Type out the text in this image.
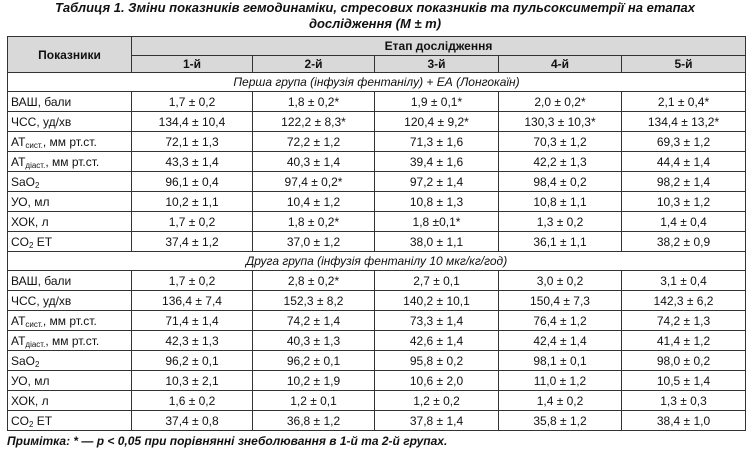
Таблиця 1. Зміни показників гемодинаміки, стресових показників та пульсоксиметрії на етапах
дослідження (M ± m)
Показники	Етап дослідження				
	1-й	2-й	3-й	4-й	5-й
Перша група (інфузія фентанілу) + ЕА (Лонгокаїн)					
ВАШ, бали	1,7 ± 0,2	1,8 ± 0,2*	1,9 ± 0,1*	2,0 ± 0,2*	2,1 ± 0,4*
ЧСС, уд/хв	134,4 ± 10,4	122,2 ± 8,3*	120,4 ± 9,2*	130,3 ± 10,3*	134,4 ± 13,2*
$АТ_{сист.}$, мм рт.ст.	72,1 ± 1,3	72,2 ± 1,2	71,3 ± 1,6	70,3 ± 1,2	69,3 ± 1,2
$АТ_{діаст.}$, мм рт.ст.	43,3 ± 1,4	40,3 ± 1,4	39,4 ± 1,6	42,2 ± 1,3	44,4 ± 1,4
SaO$_2$	96,1 ± 0,4	97,4 ± 0,2*	97,2 ± 1,4	98,4 ± 0,2	98,2 ± 1,4
УО, мл	10,2 ± 1,1	10,4 ± 1,2	10,8 ± 1,3	10,8 ± 1,1	10,3 ± 1,2
ХОК, л	1,7 ± 0,2	1,8 ± 0,2*	1,8 ±0,1*	1,3 ± 0,2	1,4 ± 0,4
$CO_2$ ET	37,4 ± 1,2	37,0 ± 1,2	38,0 ± 1,1	36,1 ± 1,1	38,2 ± 0,9
Друга група (інфузія фентанілу 10 мкг/кг/год)					
ВАШ, бали	1,7 ± 0,2	2,8 ± 0,2*	2,7 ± 0,1	3,0 ± 0,2	3,1 ± 0,4
ЧСС, уд/хв	136,4 ± 7,4	152,3 ± 8,2	140,2 ± 10,1	150,4 ± 7,3	142,3 ± 6,2
$АТ_{сист.}$, мм рт.ст.	71,4 ± 1,4	74,2 ± 1,4	73,3 ± 1,4	76,4 ± 1,2	74,2 ± 1,3
$АТ_{діаст.}$, мм рт.ст.	42,3 ± 1,3	40,3 ± 1,3	42,6 ± 1,4	42,4 ± 1,4	41,4 ± 1,2
SaO$_2$	96,2 ± 0,1	96,2 ± 0,1	95,8 ± 0,2	98,1 ± 0,1	98,0 ± 0,2
УО, мл	10,3 ± 2,1	10,2 ± 1,9	10,6 ± 2,0	11,0 ± 1,2	10,5 ± 1,4
ХОК, л	1,6 ± 0,2	1,2 ± 0,1	1,2 ± 0,2	1,4 ± 0,2	1,3 ± 0,3
$CO_2$ ET	37,4 ± 0,8	36,8 ± 1,2	37,8 ± 1,4	35,8 ± 1,2	38,4 ± 1,0
Примітка: * — p < 0,05 при порівнянні знеболювання в 1-й та 2-й групах.
